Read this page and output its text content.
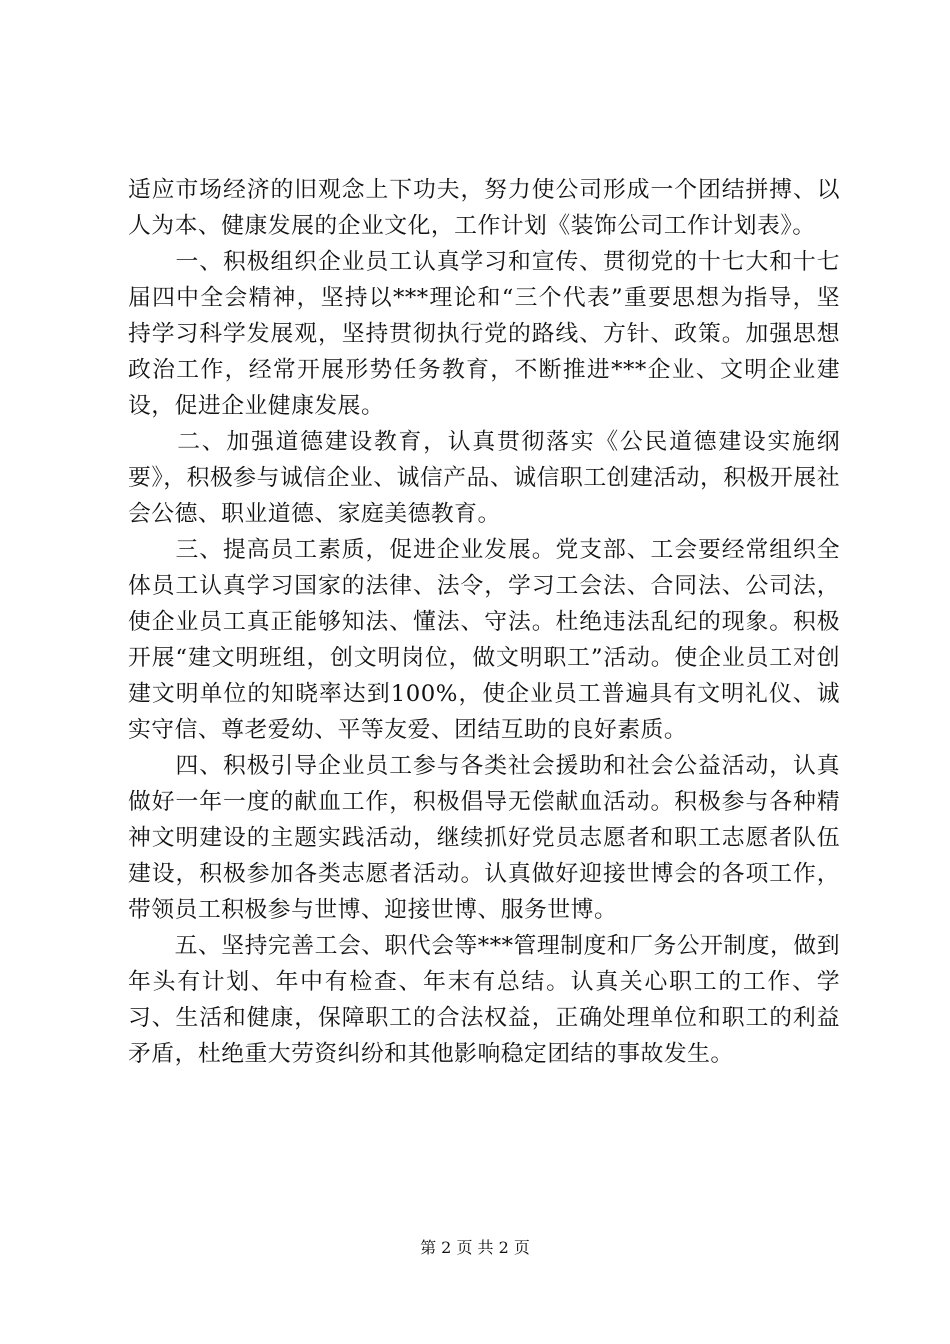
适应市场经济的旧观念上下功夫，努力使公司形成一个团结拼搏、以人为本、健康发展的企业文化，工作计划《装饰公司工作计划表》。

　　一、积极组织企业员工认真学习和宣传、贯彻党的十七大和十七届四中全会精神，坚持以***理论和“三个代表”重要思想为指导，坚持学习科学发展观，坚持贯彻执行党的路线、方针、政策。加强思想政治工作，经常开展形势任务教育，不断推进***企业、文明企业建设，促进企业健康发展。

　　二、加强道德建设教育，认真贯彻落实《公民道德建设实施纲要》，积极参与诚信企业、诚信产品、诚信职工创建活动，积极开展社会公德、职业道德、家庭美德教育。

　　三、提高员工素质，促进企业发展。党支部、工会要经常组织全体员工认真学习国家的法律、法令，学习工会法、合同法、公司法，使企业员工真正能够知法、懂法、守法。杜绝违法乱纪的现象。积极开展“建文明班组，创文明岗位，做文明职工”活动。使企业员工对创建文明单位的知晓率达到100%，使企业员工普遍具有文明礼仪、诚实守信、尊老爱幼、平等友爱、团结互助的良好素质。

　　四、积极引导企业员工参与各类社会援助和社会公益活动，认真做好一年一度的献血工作，积极倡导无偿献血活动。积极参与各种精神文明建设的主题实践活动，继续抓好党员志愿者和职工志愿者队伍建设，积极参加各类志愿者活动。认真做好迎接世博会的各项工作，带领员工积极参与世博、迎接世博、服务世博。

　　五、坚持完善工会、职代会等***管理制度和厂务公开制度，做到年头有计划、年中有检查、年末有总结。认真关心职工的工作、学习、生活和健康，保障职工的合法权益，正确处理单位和职工的利益矛盾，杜绝重大劳资纠纷和其他影响稳定团结的事故发生。

第 2 页 共 2 页
